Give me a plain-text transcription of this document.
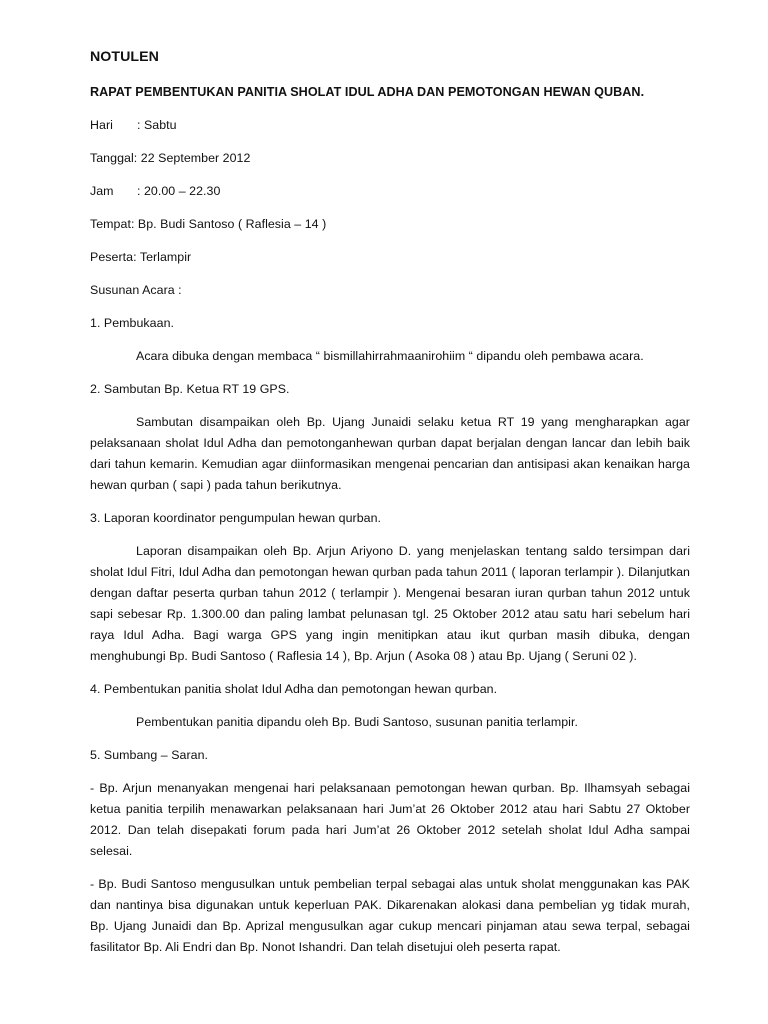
NOTULEN
RAPAT PEMBENTUKAN PANITIA SHOLAT IDUL ADHA DAN PEMOTONGAN HEWAN QUBAN.
Hari	: Sabtu
Tanggal : 22 September 2012
Jam	: 20.00 – 22.30
Tempat : Bp. Budi Santoso ( Raflesia – 14 )
Peserta : Terlampir
Susunan Acara :
1. Pembukaan.
Acara dibuka dengan membaca “ bismillahirrahmaanirohiim “ dipandu oleh pembawa acara.
2. Sambutan Bp. Ketua RT 19 GPS.
Sambutan disampaikan oleh Bp. Ujang Junaidi selaku ketua RT 19 yang mengharapkan agar pelaksanaan sholat Idul Adha dan pemotonganhewan qurban dapat berjalan dengan lancar dan lebih baik dari tahun kemarin. Kemudian agar diinformasikan mengenai pencarian dan antisipasi akan kenaikan harga hewan qurban ( sapi ) pada tahun berikutnya.
3. Laporan koordinator pengumpulan hewan qurban.
Laporan disampaikan oleh Bp. Arjun Ariyono D. yang menjelaskan tentang saldo tersimpan dari sholat Idul Fitri, Idul Adha dan pemotongan hewan qurban pada tahun 2011 ( laporan terlampir ). Dilanjutkan dengan daftar peserta qurban tahun 2012 ( terlampir ). Mengenai besaran iuran qurban tahun 2012 untuk sapi sebesar Rp. 1.300.00 dan paling lambat pelunasan tgl. 25 Oktober 2012 atau satu hari sebelum hari raya Idul Adha. Bagi warga GPS yang ingin menitipkan atau ikut qurban masih dibuka, dengan menghubungi Bp. Budi Santoso ( Raflesia 14 ), Bp. Arjun ( Asoka 08 ) atau Bp. Ujang ( Seruni 02 ).
4. Pembentukan panitia sholat Idul Adha dan pemotongan hewan qurban.
Pembentukan panitia dipandu oleh Bp. Budi Santoso, susunan panitia terlampir.
5. Sumbang – Saran.
- Bp. Arjun menanyakan mengenai hari pelaksanaan pemotongan hewan qurban. Bp. Ilhamsyah sebagai ketua panitia terpilih menawarkan pelaksanaan hari Jum’at 26 Oktober 2012 atau hari Sabtu 27 Oktober 2012. Dan telah disepakati forum pada hari Jum’at 26 Oktober 2012 setelah sholat Idul Adha sampai selesai.
- Bp. Budi Santoso mengusulkan untuk pembelian terpal sebagai alas untuk sholat menggunakan kas PAK dan nantinya bisa digunakan untuk keperluan PAK. Dikarenakan alokasi dana pembelian yg tidak murah, Bp. Ujang Junaidi dan Bp. Aprizal mengusulkan agar cukup mencari pinjaman atau sewa terpal, sebagai fasilitator Bp. Ali Endri dan Bp. Nonot Ishandri. Dan telah disetujui oleh peserta rapat.
